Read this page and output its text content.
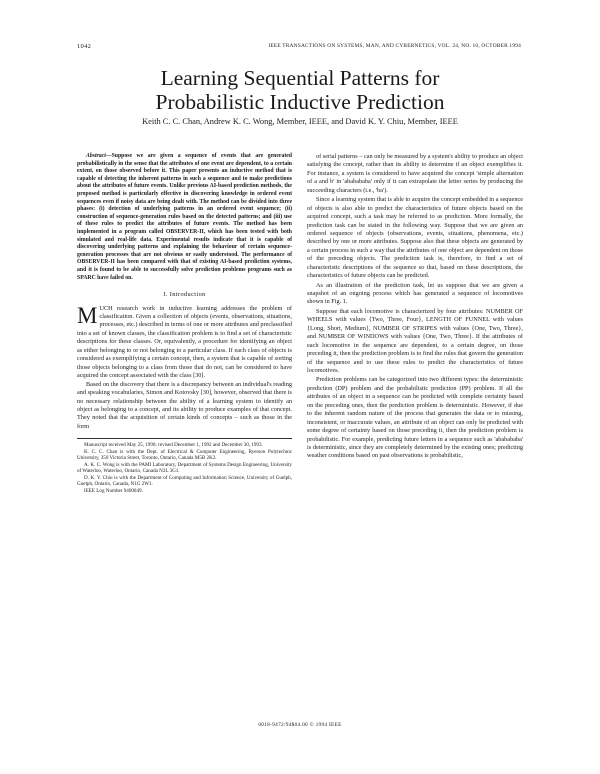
1042	IEEE TRANSACTIONS ON SYSTEMS, MAN, AND CYBERNETICS, VOL. 24, NO. 10, OCTOBER 1994
Learning Sequential Patterns for
Probabilistic Inductive Prediction
Keith C. C. Chan, Andrew K. C. Wong, Member, IEEE, and David K. Y. Chiu, Member, IEEE

Abstract—Suppose we are given a sequence of events that are generated probabilistically in the sense that the attributes of one event are dependent, to a certain extent, on those observed before it. This paper presents an inductive method that is capable of detecting the inherent patterns in such a sequence and to make predictions about the attributes of future events. Unlike previous AI-based prediction methods, the proposed method is particularly effective in discovering knowledge in ordered event sequences even if noisy data are being dealt with. The method can be divided into three phases: (i) detection of underlying patterns in an ordered event sequence; (ii) construction of sequence-generation rules based on the detected patterns; and (iii) use of these rules to predict the attributes of future events. The method has been implemented in a program called OBSERVER-II, which has been tested with both simulated and real-life data. Experimental results indicate that it is capable of discovering underlying patterns and explaining the behaviour of certain sequence-generation processes that are not obvious or easily understood. The performance of OBSERVER-II has been compared with that of existing AI-based prediction systems, and it is found to be able to successfully solve prediction problems programs such as SPARC have failed on.

I. Introduction

MUCH research work in inductive learning addresses the problem of classification. Given a collection of objects (events, observations, situations, processes, etc.) described in terms of one or more attributes and preclassified into a set of known classes, the classification problem is to find a set of characteristic descriptions for these classes. Or, equivalently, a procedure for identifying an object as either belonging to or not belonging to a particular class. If each class of objects is considered as exemplifying a certain concept, then, a system that is capable of sorting those objects belonging to a class from those that do not, can be considered to have acquired the concept associated with the class [30].

Based on the discovery that there is a discrepancy between an individual's reading and speaking vocabularies, Simon and Kotovsky [30], however, observed that there is no necessary relationship between the ability of a learning system to identify an object as belonging to a concept, and its ability to produce examples of that concept. They noted that the acquisition of certain kinds of concepts – such as those in the form

Manuscript received May 25, 1990; revised December 1, 1992 and December 30, 1993.

K. C. C. Chan is with the Dept. of Electrical & Computer Engineering, Ryerson Polytechnic University, 350 Victoria Street, Toronto, Ontario, Canada M5B 2K3.

A. K. C. Wong is with the PAMI Laboratory, Department of Systems Design Engineering, University of Waterloo, Waterloo, Ontario, Canada N2L 3G1.

D. K. Y. Chiu is with the Department of Computing and Information Science, University of Guelph, Guelph, Ontario, Canada, N1G 2W1.

IEEE Log Number 9400049.

of serial patterns – can only be measured by a system's ability to produce an object satisfying the concept, rather than its ability to determine if an object exemplifies it. For instance, a system is considered to have acquired the concept 'simple alternation of a and b' in 'ababababa' only if it can extrapolate the letter series by producing the succeeding characters (i.e., 'ba').

Since a learning system that is able to acquire the concept embedded in a sequence of objects is also able to predict the characteristics of future objects based on the acquired concept, such a task may be referred to as prediction. More formally, the prediction task can be stated in the following way. Suppose that we are given an ordered sequence of objects (observations, events, situations, phenomena, etc.) described by one or more attributes. Suppose also that these objects are generated by a certain process in such a way that the attributes of one object are dependent on those of the preceding objects. The prediction task is, therefore, to find a set of characteristic descriptions of the sequence so that, based on these descriptions, the characteristics of future objects can be predicted.

As an illustration of the prediction task, let us suppose that we are given a snapshot of an ongoing process which has generated a sequence of locomotives shown in Fig. 1.

Suppose that each locomotive is characterized by four attributes: NUMBER OF WHEELS with values {Two, Three, Four}, LENGTH OF FUNNEL with values {Long, Short, Medium}, NUMBER OF STRIPES with values {One, Two, Three}, and NUMBER OF WINDOWS with values {One, Two, Three}. If the attributes of each locomotive in the sequence are dependent, to a certain degree, on those preceding it, then the prediction problem is to find the rules that govern the generation of the sequence and to use these rules to predict the characteristics of future locomotives.

Prediction problems can be categorized into two different types: the deterministic prediction (DP) problem and the probabilistic prediction (PP) problem. If all the attributes of an object in a sequence can be predicted with complete certainty based on the preceding ones, then the prediction problem is deterministic. However, if due to the inherent random nature of the process that generates the data or to missing, inconsistent, or inaccurate values, an attribute of an object can only be predicted with some degree of certainty based on those preceding it, then the prediction problem is probabilistic. For example, predicting future letters in a sequence such as 'ababababa' is deterministic, since they are completely determined by the existing ones; predicting weather conditions based on past observations is probabilistic,

0018-9472/94$04.00 © 1994 IEEE
